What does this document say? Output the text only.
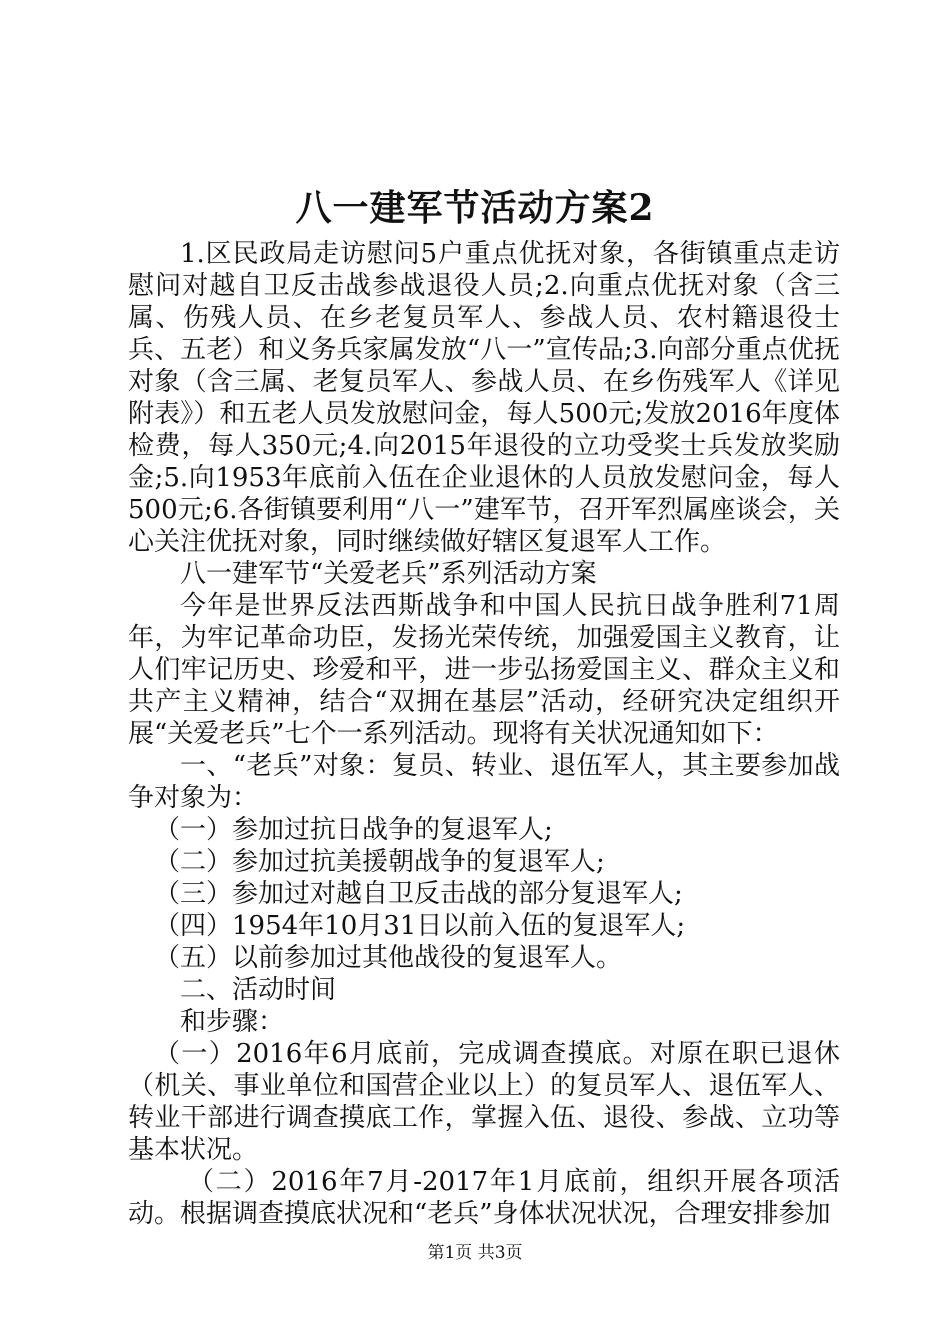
八一建军节活动方案2

1.区民政局走访慰问5户重点优抚对象，各街镇重点走访慰问对越自卫反击战参战退役人员;2.向重点优抚对象（含三属、伤残人员、在乡老复员军人、参战人员、农村籍退役士兵、五老）和义务兵家属发放“八一”宣传品;3.向部分重点优抚对象（含三属、老复员军人、参战人员、在乡伤残军人《详见附表》）和五老人员发放慰问金，每人500元;发放2016年度体检费，每人350元;4.向2015年退役的立功受奖士兵发放奖励金;5.向1953年底前入伍在企业退休的人员放发慰问金，每人500元;6.各街镇要利用“八一”建军节，召开军烈属座谈会，关心关注优抚对象，同时继续做好辖区复退军人工作。

八一建军节“关爱老兵”系列活动方案

今年是世界反法西斯战争和中国人民抗日战争胜利71周年，为牢记革命功臣，发扬光荣传统，加强爱国主义教育，让人们牢记历史、珍爱和平，进一步弘扬爱国主义、群众主义和共产主义精神，结合“双拥在基层”活动，经研究决定组织开展“关爱老兵”七个一系列活动。现将有关状况通知如下：

一、“老兵”对象：复员、转业、退伍军人，其主要参加战争对象为：

（一）参加过抗日战争的复退军人;

（二）参加过抗美援朝战争的复退军人;

（三）参加过对越自卫反击战的部分复退军人;

（四）1954年10月31日以前入伍的复退军人;

（五）以前参加过其他战役的复退军人。

二、活动时间

和步骤：

（一）2016年6月底前，完成调查摸底。对原在职已退休（机关、事业单位和国营企业以上）的复员军人、退伍军人、转业干部进行调查摸底工作，掌握入伍、退役、参战、立功等基本状况。

（二）2016年7月-2017年1月底前，组织开展各项活动。根据调查摸底状况和“老兵”身体状况状况，合理安排参加

第1页 共3页
